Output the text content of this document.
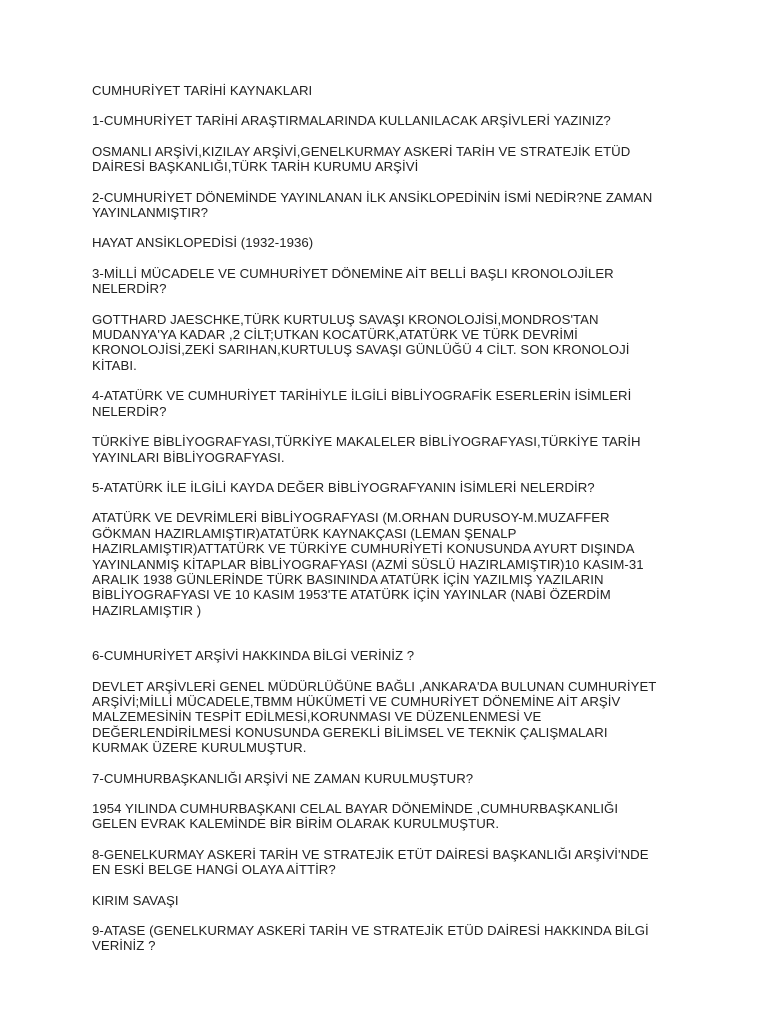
CUMHURİYET TARİHİ KAYNAKLARI

1-CUMHURİYET TARİHİ ARAŞTIRMALARINDA KULLANILACAK ARŞİVLERİ YAZINIZ?

OSMANLI ARŞİVİ,KIZILAY ARŞİVİ,GENELKURMAY ASKERİ TARİH VE STRATEJİK ETÜD
DAİRESİ BAŞKANLIĞI,TÜRK TARİH KURUMU ARŞİVİ

2-CUMHURİYET DÖNEMİNDE YAYINLANAN İLK ANSİKLOPEDİNİN İSMİ NEDİR?NE ZAMAN
YAYINLANMIŞTIR?

HAYAT ANSİKLOPEDİSİ (1932-1936)

3-MİLLİ MÜCADELE VE CUMHURİYET DÖNEMİNE AİT BELLİ BAŞLI KRONOLOJİLER
NELERDİR?

GOTTHARD JAESCHKE,TÜRK KURTULUŞ SAVAŞI KRONOLOJİSİ,MONDROS'TAN
MUDANYA'YA KADAR ,2 CİLT;UTKAN KOCATÜRK,ATATÜRK VE TÜRK DEVRİMİ
KRONOLOJİSİ,ZEKİ SARIHAN,KURTULUŞ SAVAŞI GÜNLÜĞÜ 4 CİLT. SON KRONOLOJİ
KİTABI.

4-ATATÜRK VE CUMHURİYET TARİHİYLE İLGİLİ BİBLİYOGRAFİK ESERLERİN İSİMLERİ
NELERDİR?

TÜRKİYE BİBLİYOGRAFYASI,TÜRKİYE MAKALELER BİBLİYOGRAFYASI,TÜRKİYE TARİH
YAYINLARI BİBLİYOGRAFYASI.

5-ATATÜRK İLE İLGİLİ KAYDA DEĞER BİBLİYOGRAFYANIN İSİMLERİ NELERDİR?

ATATÜRK VE DEVRİMLERİ BİBLİYOGRAFYASI (M.ORHAN DURUSOY-M.MUZAFFER
GÖKMAN HAZIRLAMIŞTIR)ATATÜRK KAYNAKÇASI (LEMAN ŞENALP
HAZIRLAMIŞTIR)ATTATÜRK VE TÜRKİYE CUMHURİYETİ KONUSUNDA AYURT DIŞINDA
YAYINLANMIŞ KİTAPLAR BİBLİYOGRAFYASI (AZMİ SÜSLÜ HAZIRLAMIŞTIR)10 KASIM-31
ARALIK 1938 GÜNLERİNDE TÜRK BASININDA ATATÜRK İÇİN YAZILMIŞ YAZILARIN
BİBLİYOGRAFYASI VE 10 KASIM 1953'TE ATATÜRK İÇİN YAYINLAR (NABİ ÖZERDİM
HAZIRLAMIŞTIR )

6-CUMHURİYET ARŞİVİ HAKKINDA BİLGİ VERİNİZ ?

DEVLET ARŞİVLERİ GENEL MÜDÜRLÜĞÜNE BAĞLI ,ANKARA'DA BULUNAN CUMHURİYET
ARŞİVİ;MİLLİ MÜCADELE,TBMM HÜKÜMETİ VE CUMHURİYET DÖNEMİNE AİT ARŞİV
MALZEMESİNİN TESPİT EDİLMESİ,KORUNMASI VE DÜZENLENMESİ VE
DEĞERLENDİRİLMESİ KONUSUNDA GEREKLİ BİLİMSEL VE TEKNİK ÇALIŞMALARI
KURMAK ÜZERE KURULMUŞTUR.

7-CUMHURBAŞKANLIĞI ARŞİVİ NE ZAMAN KURULMUŞTUR?

1954 YILINDA CUMHURBAŞKANI CELAL BAYAR DÖNEMİNDE ,CUMHURBAŞKANLIĞI
GELEN EVRAK KALEMİNDE BİR BİRİM OLARAK KURULMUŞTUR.

8-GENELKURMAY ASKERİ TARİH VE STRATEJİK ETÜT DAİRESİ BAŞKANLIĞI ARŞİVİ'NDE
EN ESKİ BELGE HANGİ OLAYA AİTTİR?

KIRIM SAVAŞI

9-ATASE (GENELKURMAY ASKERİ TARİH VE STRATEJİK ETÜD DAİRESİ HAKKINDA BİLGİ
VERİNİZ ?
